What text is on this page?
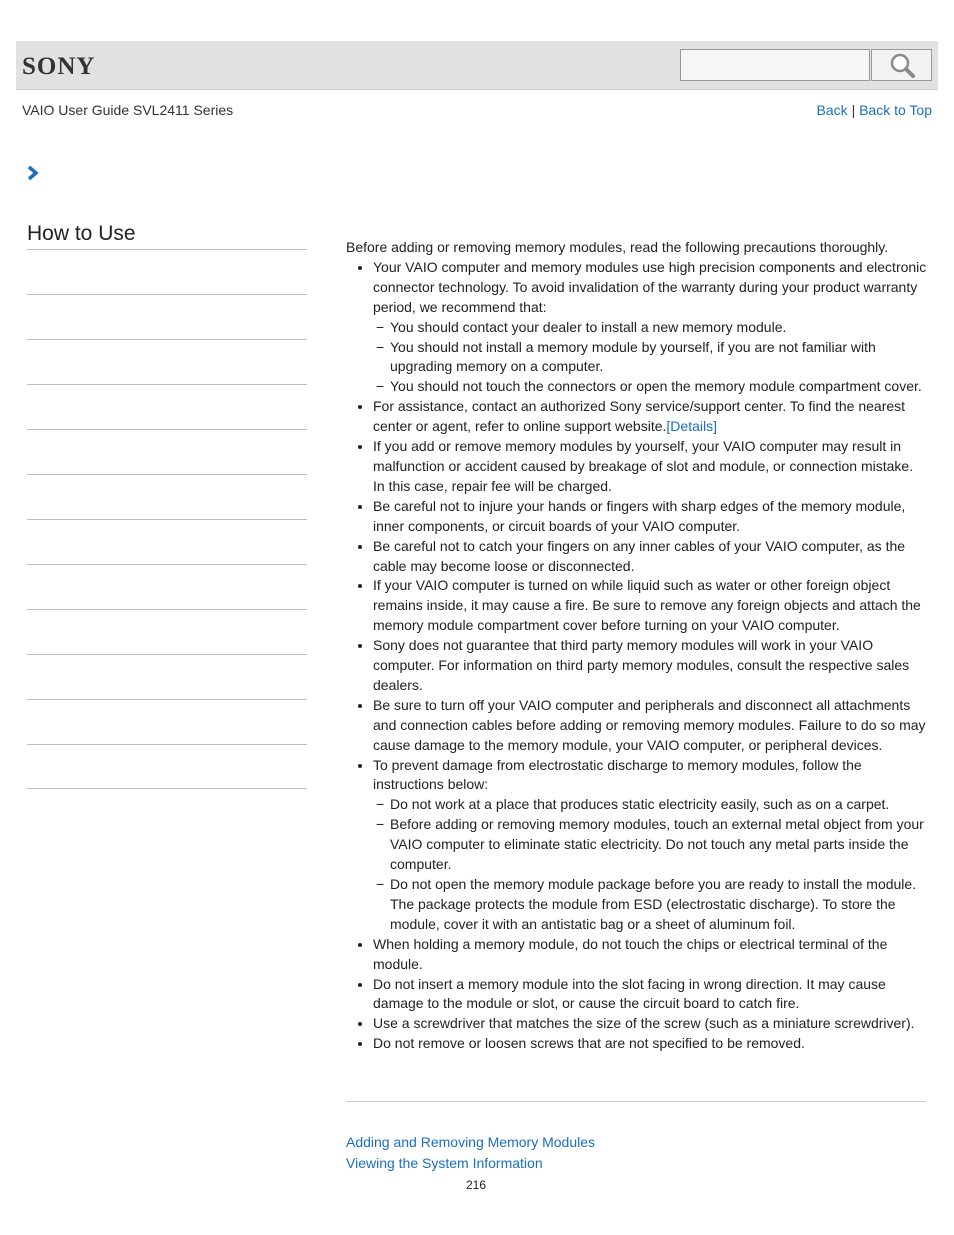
SONY
VAIO User Guide SVL2411 Series	Back | Back to Top
How to Use

Before adding or removing memory modules, read the following precautions thoroughly.

Your VAIO computer and memory modules use high precision components and electronic connector technology. To avoid invalidation of the warranty during your product warranty period, we recommend that:
− You should contact your dealer to install a new memory module.
− You should not install a memory module by yourself, if you are not familiar with upgrading memory on a computer.
− You should not touch the connectors or open the memory module compartment cover.
For assistance, contact an authorized Sony service/support center. To find the nearest center or agent, refer to online support website.[Details]
If you add or remove memory modules by yourself, your VAIO computer may result in malfunction or accident caused by breakage of slot and module, or connection mistake. In this case, repair fee will be charged.
Be careful not to injure your hands or fingers with sharp edges of the memory module, inner components, or circuit boards of your VAIO computer.
Be careful not to catch your fingers on any inner cables of your VAIO computer, as the cable may become loose or disconnected.
If your VAIO computer is turned on while liquid such as water or other foreign object remains inside, it may cause a fire. Be sure to remove any foreign objects and attach the memory module compartment cover before turning on your VAIO computer.
Sony does not guarantee that third party memory modules will work in your VAIO computer. For information on third party memory modules, consult the respective sales dealers.
Be sure to turn off your VAIO computer and peripherals and disconnect all attachments and connection cables before adding or removing memory modules. Failure to do so may cause damage to the memory module, your VAIO computer, or peripheral devices.
To prevent damage from electrostatic discharge to memory modules, follow the instructions below:
− Do not work at a place that produces static electricity easily, such as on a carpet.
− Before adding or removing memory modules, touch an external metal object from your VAIO computer to eliminate static electricity. Do not touch any metal parts inside the computer.
− Do not open the memory module package before you are ready to install the module. The package protects the module from ESD (electrostatic discharge). To store the module, cover it with an antistatic bag or a sheet of aluminum foil.
When holding a memory module, do not touch the chips or electrical terminal of the module.
Do not insert a memory module into the slot facing in wrong direction. It may cause damage to the module or slot, or cause the circuit board to catch fire.
Use a screwdriver that matches the size of the screw (such as a miniature screwdriver).
Do not remove or loosen screws that are not specified to be removed.
Adding and Removing Memory Modules
Viewing the System Information
216
